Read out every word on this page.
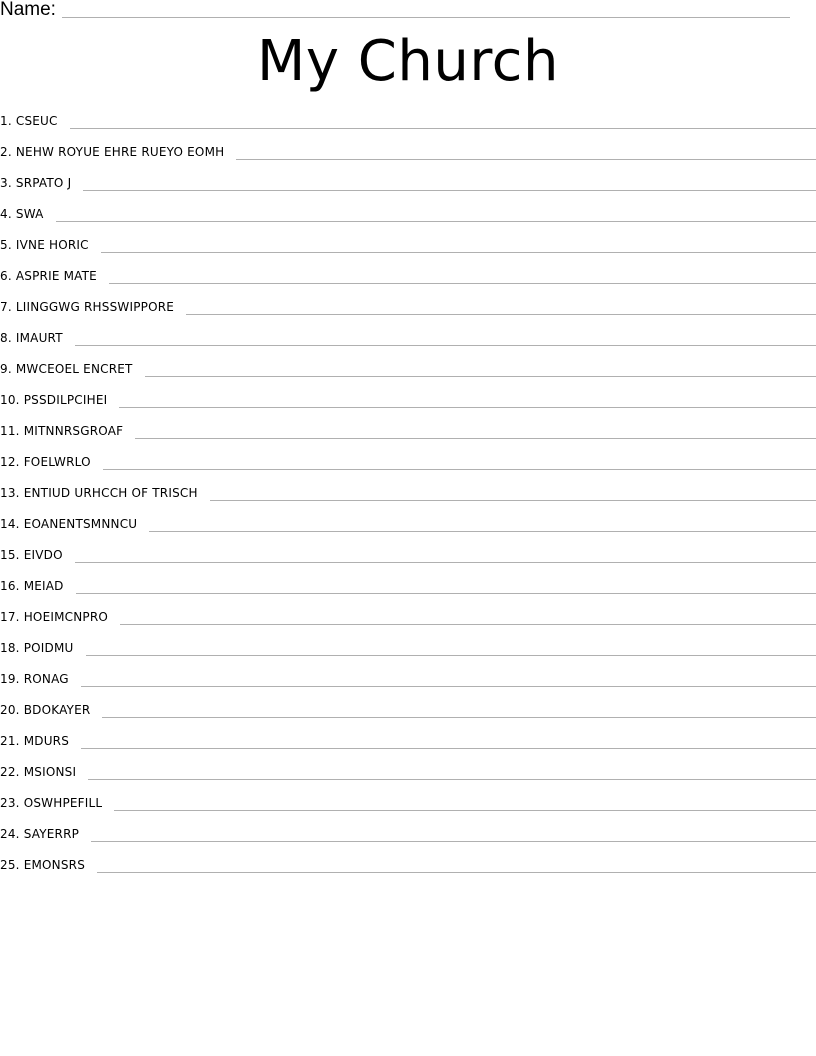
Name:
My Church
1. CSEUC
2. NEHW ROYUE EHRE RUEYO EOMH
3. SRPATO J
4. SWA
5. IVNE HORIC
6. ASPRIE MATE
7. LIINGGWG RHSSWIPPORE
8. IMAURT
9. MWCEOEL ENCRET
10. PSSDILPCIHEI
11. MITNNRSGROAF
12. FOELWRLO
13. ENTIUD URHCCH OF TRISCH
14. EOANENTSMNNCU
15. EIVDO
16. MEIAD
17. HOEIMCNPRO
18. POIDMU
19. RONAG
20. BDOKAYER
21. MDURS
22. MSIONSI
23. OSWHPEFILL
24. SAYERRP
25. EMONSRS
